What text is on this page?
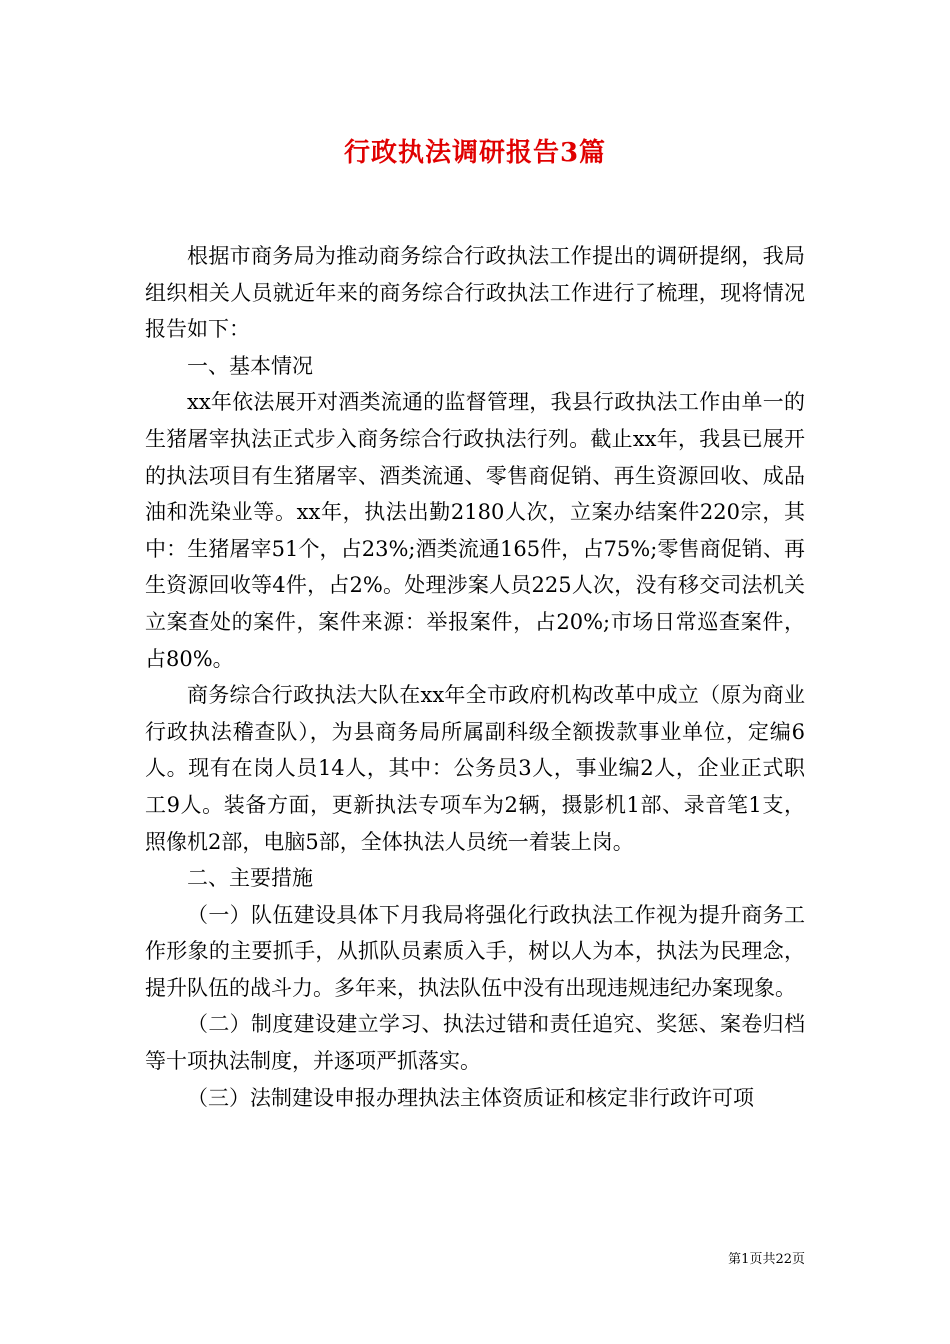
行政执法调研报告3篇

根据市商务局为推动商务综合行政执法工作提出的调研提纲，我局组织相关人员就近年来的商务综合行政执法工作进行了梳理，现将情况报告如下：

一、基本情况

xx年依法展开对酒类流通的监督管理，我县行政执法工作由单一的生猪屠宰执法正式步入商务综合行政执法行列。截止xx年，我县已展开的执法项目有生猪屠宰、酒类流通、零售商促销、再生资源回收、成品油和洗染业等。xx年，执法出勤2180人次，立案办结案件220宗，其中：生猪屠宰51个，占23%;酒类流通165件，占75%;零售商促销、再生资源回收等4件，占2%。处理涉案人员225人次，没有移交司法机关立案查处的案件，案件来源：举报案件，占20%;市场日常巡查案件，占80%。

商务综合行政执法大队在xx年全市政府机构改革中成立（原为商业行政执法稽查队），为县商务局所属副科级全额拨款事业单位，定编6人。现有在岗人员14人，其中：公务员3人，事业编2人，企业正式职工9人。装备方面，更新执法专项车为2辆，摄影机1部、录音笔1支，照像机2部，电脑5部，全体执法人员统一着装上岗。

二、主要措施

（一）队伍建设具体下月我局将强化行政执法工作视为提升商务工作形象的主要抓手，从抓队员素质入手，树以人为本，执法为民理念，提升队伍的战斗力。多年来，执法队伍中没有出现违规违纪办案现象。

（二）制度建设建立学习、执法过错和责任追究、奖惩、案卷归档等十项执法制度，并逐项严抓落实。

（三）法制建设申报办理执法主体资质证和核定非行政许可项

第1页共22页
